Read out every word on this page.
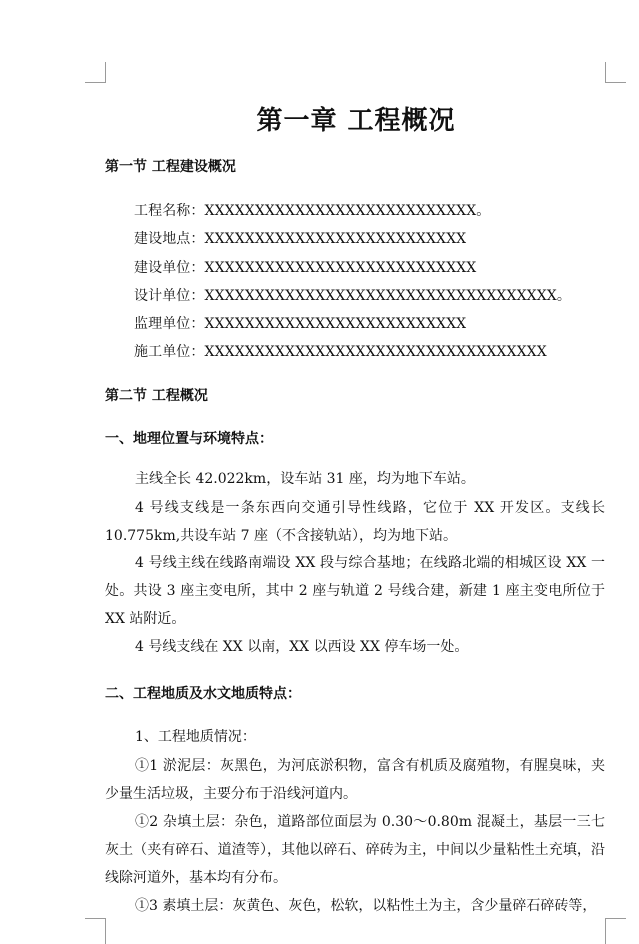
第一章 工程概况
第一节 工程建设概况
工程名称：XXXXXXXXXXXXXXXXXXXXXXXXXXX。
建设地点：XXXXXXXXXXXXXXXXXXXXXXXXXX
建设单位：XXXXXXXXXXXXXXXXXXXXXXXXXXX
设计单位：XXXXXXXXXXXXXXXXXXXXXXXXXXXXXXXXXXX。
监理单位：XXXXXXXXXXXXXXXXXXXXXXXXXX
施工单位：XXXXXXXXXXXXXXXXXXXXXXXXXXXXXXXXXX
第二节 工程概况
一、地理位置与环境特点：
主线全长 42.022km，设车站 31 座，均为地下车站。
4 号线支线是一条东西向交通引导性线路，它位于 XX 开发区。支线长 10.775km,共设车站 7 座（不含接轨站），均为地下站。
4 号线主线在线路南端设 XX 段与综合基地；在线路北端的相城区设 XX 一处。共设 3 座主变电所，其中 2 座与轨道 2 号线合建，新建 1 座主变电所位于 XX 站附近。
4 号线支线在 XX 以南，XX 以西设 XX 停车场一处。
二、工程地质及水文地质特点：
1、工程地质情况：
①1 淤泥层：灰黑色，为河底淤积物，富含有机质及腐殖物，有腥臭味，夹少量生活垃圾，主要分布于沿线河道内。
①2 杂填土层：杂色，道路部位面层为 0.30～0.80m 混凝土，基层一三七灰土（夹有碎石、道渣等），其他以碎石、碎砖为主，中间以少量粘性土充填，沿线除河道外，基本均有分布。
①3 素填土层：灰黄色、灰色，松软，以粘性土为主，含少量碎石碎砖等，
